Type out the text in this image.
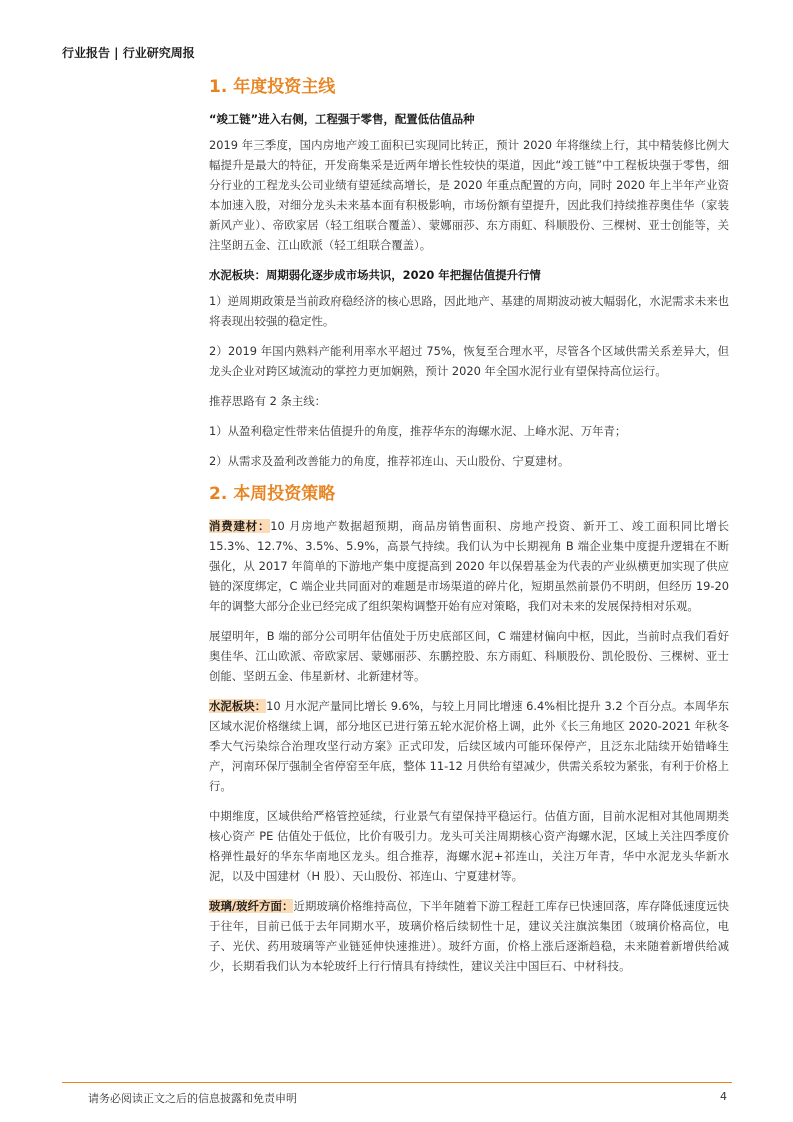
行业报告 | 行业研究周报
1. 年度投资主线
“竣工链”进入右侧，工程强于零售，配置低估值品种

2019 年三季度，国内房地产竣工面积已实现同比转正，预计 2020 年将继续上行，其中精装修比例大幅提升是最大的特征，开发商集采是近两年增长性较快的渠道，因此“竣工链”中工程板块强于零售，细分行业的工程龙头公司业绩有望延续高增长，是 2020 年重点配置的方向，同时 2020 年上半年产业资本加速入股，对细分龙头未来基本面有积极影响，市场份额有望提升，因此我们持续推荐奥佳华（家装新风产业）、帝欧家居（轻工组联合覆盖）、蒙娜丽莎、东方雨虹、科顺股份、三棵树、亚士创能等，关注坚朗五金、江山欧派（轻工组联合覆盖）。

水泥板块：周期弱化逐步成市场共识，2020 年把握估值提升行情

1）逆周期政策是当前政府稳经济的核心思路，因此地产、基建的周期波动被大幅弱化，水泥需求未来也将表现出较强的稳定性。

2）2019 年国内熟料产能利用率水平超过 75%，恢复至合理水平，尽管各个区域供需关系差异大，但龙头企业对跨区域流动的掌控力更加娴熟，预计 2020 年全国水泥行业有望保持高位运行。

推荐思路有 2 条主线：

1）从盈利稳定性带来估值提升的角度，推荐华东的海螺水泥、上峰水泥、万年青；

2）从需求及盈利改善能力的角度，推荐祁连山、天山股份、宁夏建材。

2. 本周投资策略

消费建材：10 月房地产数据超预期，商品房销售面积、房地产投资、新开工、竣工面积同比增长 15.3%、12.7%、3.5%、5.9%，高景气持续。我们认为中长期视角 B 端企业集中度提升逻辑在不断强化，从 2017 年简单的下游地产集中度提高到 2020 年以保碧基金为代表的产业纵横更加实现了供应链的深度绑定，C 端企业共同面对的难题是市场渠道的碎片化，短期虽然前景仍不明朗，但经历 19-20 年的调整大部分企业已经完成了组织架构调整开始有应对策略，我们对未来的发展保持相对乐观。

展望明年，B 端的部分公司明年估值处于历史底部区间，C 端建材偏向中枢，因此，当前时点我们看好奥佳华、江山欧派、帝欧家居、蒙娜丽莎、东鹏控股、东方雨虹、科顺股份、凯伦股份、三棵树、亚士创能、坚朗五金、伟星新材、北新建材等。

水泥板块：10 月水泥产量同比增长 9.6%，与较上月同比增速 6.4%相比提升 3.2 个百分点。本周华东区域水泥价格继续上调，部分地区已进行第五轮水泥价格上调，此外《长三角地区 2020-2021 年秋冬季大气污染综合治理攻坚行动方案》正式印发，后续区域内可能环保停产，且泛东北陆续开始错峰生产，河南环保厅强制全省停窑至年底，整体 11-12 月供给有望减少，供需关系较为紧张，有利于价格上行。

中期维度，区域供给严格管控延续，行业景气有望保持平稳运行。估值方面，目前水泥相对其他周期类核心资产 PE 估值处于低位，比价有吸引力。龙头可关注周期核心资产海螺水泥，区域上关注四季度价格弹性最好的华东华南地区龙头。组合推荐，海螺水泥+祁连山，关注万年青，华中水泥龙头华新水泥，以及中国建材（H 股）、天山股份、祁连山、宁夏建材等。

玻璃/玻纤方面：近期玻璃价格维持高位，下半年随着下游工程赶工库存已快速回落，库存降低速度远快于往年，目前已低于去年同期水平，玻璃价格后续韧性十足，建议关注旗滨集团（玻璃价格高位，电子、光伏、药用玻璃等产业链延伸快速推进）。玻纤方面，价格上涨后逐渐趋稳，未来随着新增供给减少，长期看我们认为本轮玻纤上行行情具有持续性，建议关注中国巨石、中材科技。

请务必阅读正文之后的信息披露和免责申明	4
